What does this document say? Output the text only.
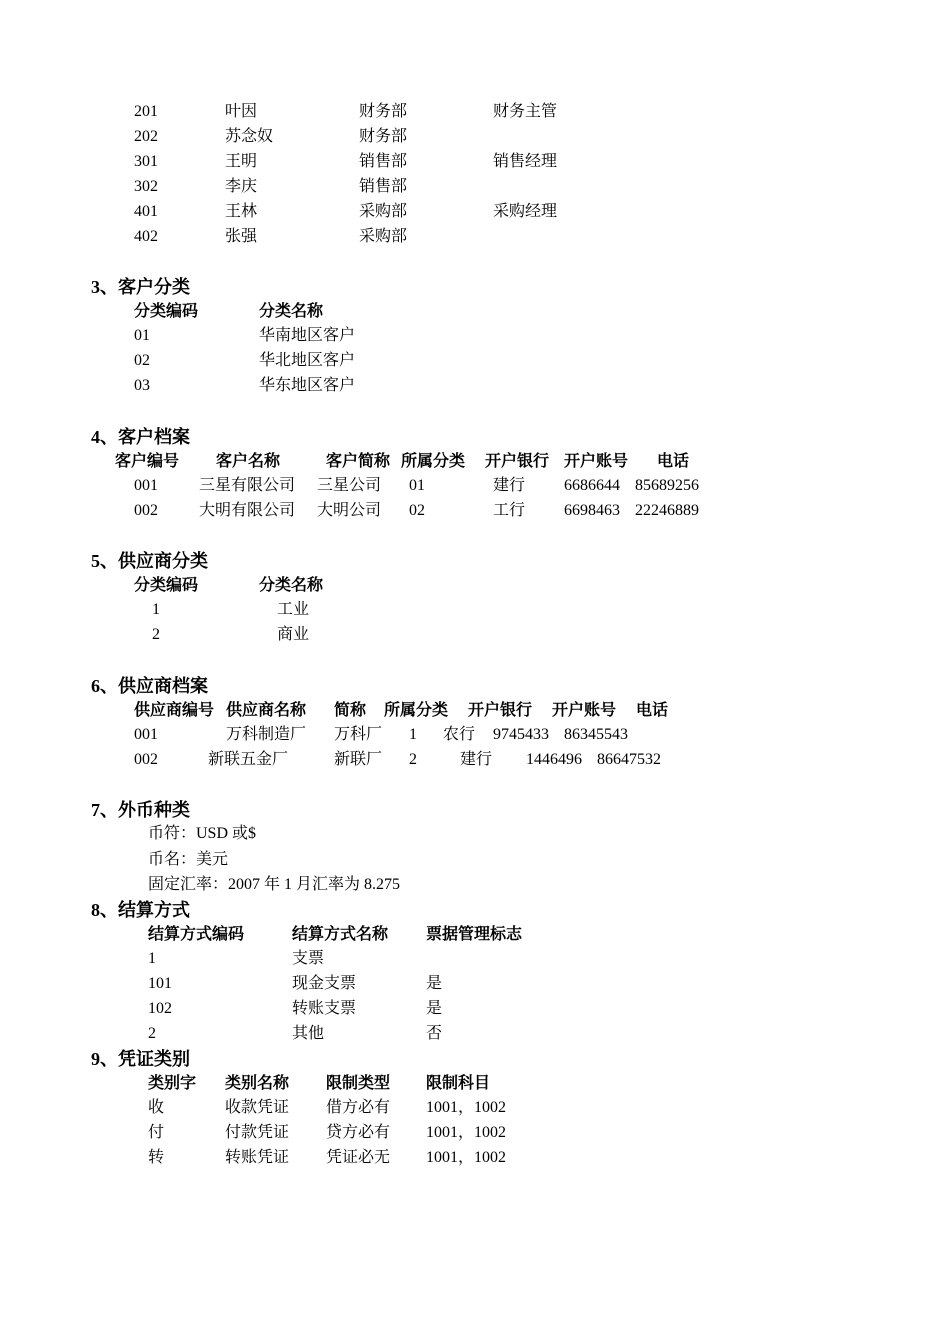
201	叶因	财务部	财务主管
202	苏念奴	财务部
301	王明	销售部	销售经理
302	李庆	销售部
401	王林	采购部	采购经理
402	张强	采购部
3、客户分类
分类编码	分类名称
01	华南地区客户
02	华北地区客户
03	华东地区客户
4、客户档案
客户编号 客户名称	客户简称 所属分类 开户银行 开户账号 电话
001	三星有限公司 三星公司 01	建行 6686644 85689256
002	大明有限公司 大明公司 02	工行 6698463 22246889
5、供应商分类
分类编码	分类名称
1	工业
2	商业
6、供应商档案
供应商编号 供应商名称 简称 所属分类 开户银行 开户账号 电话
001	万科制造厂 万科厂 1 农行 9745433 86345543
002	新联五金厂	新联厂 2	建行 1446496 86647532
7、外币种类
币符：USD 或$
币名：美元
固定汇率：2007 年 1 月汇率为 8.275
8、结算方式
结算方式编码	结算方式名称 票据管理标志
1	支票
101	现金支票	是
102	转账支票	是
2	其他	否
9、凭证类别
类别字 类别名称 限制类型 限制科目
收	收款凭证 借方必有 1001，1002
付	付款凭证 贷方必有 1001，1002
转	转账凭证 凭证必无 1001，1002
